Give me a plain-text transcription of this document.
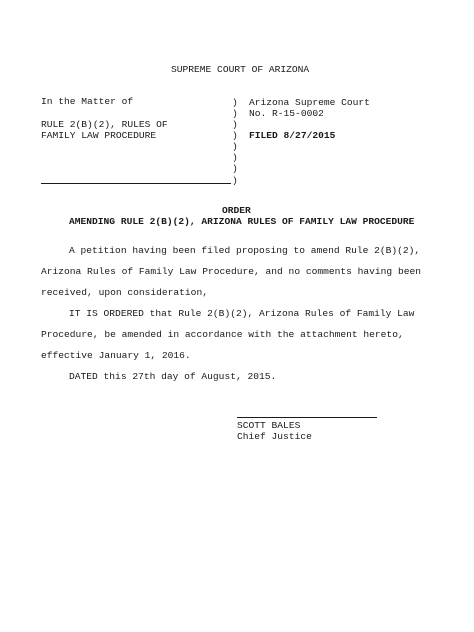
SUPREME COURT OF ARIZONA
In the Matter of
RULE 2(B)(2), RULES OF
FAMILY LAW PROCEDURE
)
)
)
)
)
)
)
)
Arizona Supreme Court
No. R-15-0002
FILED 8/27/2015
ORDER
AMENDING RULE 2(B)(2), ARIZONA RULES OF FAMILY LAW PROCEDURE
A petition having been filed proposing to amend Rule 2(B)(2),
Arizona Rules of Family Law Procedure, and no comments having been
received, upon consideration,
IT IS ORDERED that Rule 2(B)(2), Arizona Rules of Family Law
Procedure, be amended in accordance with the attachment hereto,
effective January 1, 2016.
DATED this 27th day of August, 2015.
SCOTT BALES
Chief Justice
